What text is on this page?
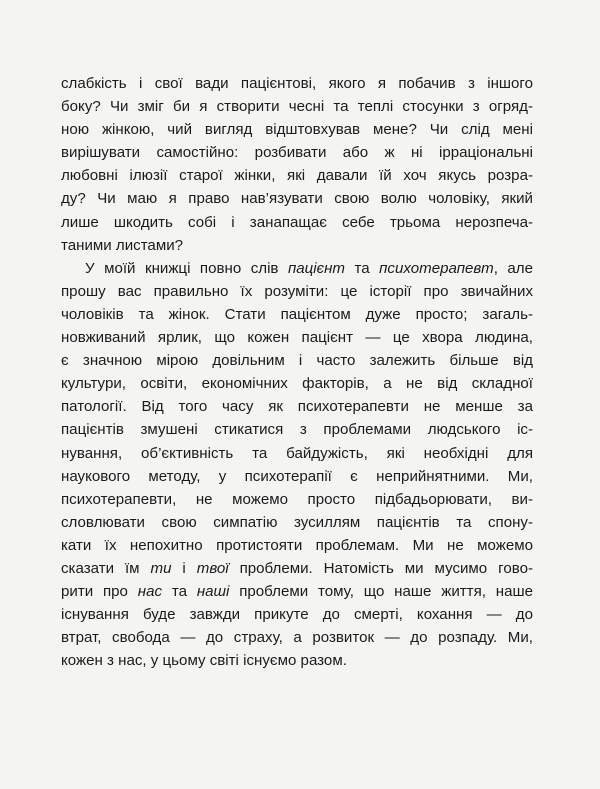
слабкість і свої вади пацієнтові, якого я побачив з іншого
боку? Чи зміг би я створити чесні та теплі стосунки з огряд-
ною жінкою, чий вигляд відштовхував мене? Чи слід мені
вирішувати самостійно: розбивати або ж ні ірраціональні
любовні ілюзії старої жінки, які давали їй хоч якусь розра-
ду? Чи маю я право нав’язувати свою волю чоловіку, який
лише шкодить собі і занапащає себе трьома нерозпеча-
таними листами?
У моїй книжці повно слів пацієнт та психотерапевт, але
прошу вас правильно їх розуміти: це історії про звичайних
чоловіків та жінок. Стати пацієнтом дуже просто; загаль-
новживаний ярлик, що кожен пацієнт — це хвора людина,
є значною мірою довільним і часто залежить більше від
культури, освіти, економічних факторів, а не від складної
патології. Від того часу як психотерапевти не менше за
пацієнтів змушені стикатися з проблемами людського іс-
нування, об’єктивність та байдужість, які необхідні для
наукового методу, у психотерапії є неприйнятними. Ми,
психотерапевти, не можемо просто підбадьорювати, ви-
словлювати свою симпатію зусиллям пацієнтів та спону-
кати їх непохитно протистояти проблемам. Ми не можемо
сказати їм ти і твої проблеми. Натомість ми мусимо гово-
рити про нас та наші проблеми тому, що наше життя, наше
існування буде завжди прикуте до смерті, кохання — до
втрат, свобода — до страху, а розвиток — до розпаду. Ми,
кожен з нас, у цьому світі існуємо разом.
